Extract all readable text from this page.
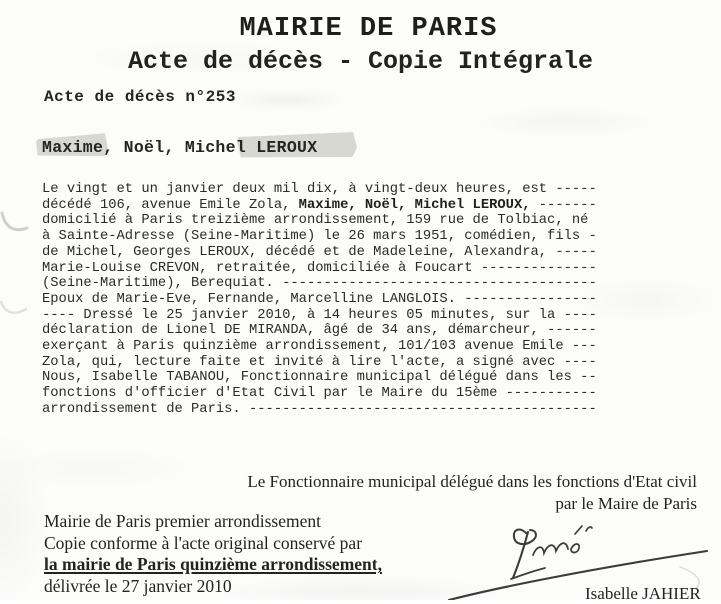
MAIRIE DE PARIS
Acte de décès - Copie Intégrale
Acte de décès n°253
Maxime, Noël, Michel LEROUX
Le vingt et un janvier deux mil dix, à vingt-deux heures, est -----
décédé 106, avenue Emile Zola, Maxime, Noël, Michel LEROUX, -------
domicilié à Paris treizième arrondissement, 159 rue de Tolbiac, né
à Sainte-Adresse (Seine-Maritime) le 26 mars 1951, comédien, fils -
de Michel, Georges LEROUX, décédé et de Madeleine, Alexandra, -----
Marie-Louise CREVON, retraitée, domiciliée à Foucart --------------
(Seine-Maritime), Berequiat. --------------------------------------
Epoux de Marie-Eve, Fernande, Marcelline LANGLOIS. ----------------
---- Dressé le 25 janvier 2010, à 14 heures 05 minutes, sur la ----
déclaration de Lionel DE MIRANDA, âgé de 34 ans, démarcheur, ------
exerçant à Paris quinzième arrondissement, 101/103 avenue Emile ---
Zola, qui, lecture faite et invité à lire l'acte, a signé avec ----
Nous, Isabelle TABANOU, Fonctionnaire municipal délégué dans les --
fonctions d'officier d'Etat Civil par le Maire du 15ème -----------
arrondissement de Paris. ------------------------------------------
Le Fonctionnaire municipal délégué dans les fonctions d'Etat civil
par le Maire de Paris
Mairie de Paris premier arrondissement
Copie conforme à l'acte original conservé par
la mairie de Paris quinzième arrondissement,
délivrée le 27 janvier 2010	Isabelle JAHIER
